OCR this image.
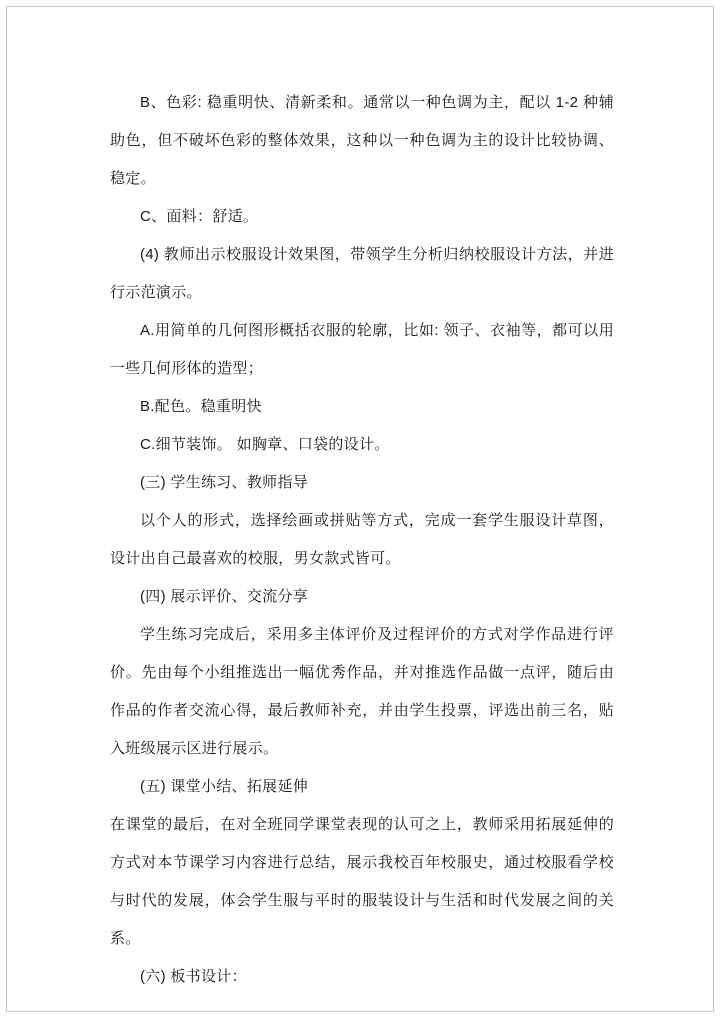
B、色彩: 稳重明快、清新柔和。通常以一种色调为主，配以 1-2 种辅助色，但不破坏色彩的整体效果，这种以一种色调为主的设计比较协调、稳定。

C、面料：舒适。

(4) 教师出示校服设计效果图，带领学生分析归纳校服设计方法，并进行示范演示。

A.用简单的几何图形概括衣服的轮廓，比如: 领子、衣袖等，都可以用一些几何形体的造型；

B.配色。稳重明快

C.细节装饰。 如胸章、口袋的设计。

(三) 学生练习、教师指导

以个人的形式，选择绘画或拼贴等方式，完成一套学生服设计草图，设计出自己最喜欢的校服，男女款式皆可。

(四) 展示评价、交流分享

学生练习完成后，采用多主体评价及过程评价的方式对学作品进行评价。先由每个小组推选出一幅优秀作品，并对推选作品做一点评，随后由作品的作者交流心得，最后教师补充，并由学生投票，评选出前三名，贴入班级展示区进行展示。

(五) 课堂小结、拓展延伸

在课堂的最后，在对全班同学课堂表现的认可之上，教师采用拓展延伸的方式对本节课学习内容进行总结，展示我校百年校服史，通过校服看学校与时代的发展，体会学生服与平时的服装设计与生活和时代发展之间的关系。

(六) 板书设计：
